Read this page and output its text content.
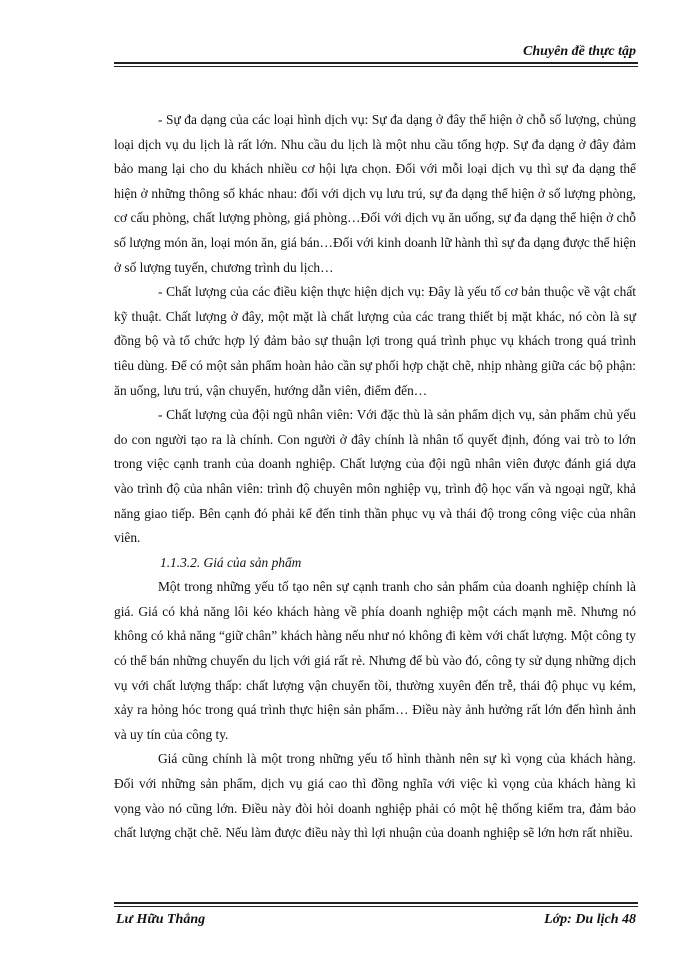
Chuyên đề thực tập

- Sự đa dạng của các loại hình dịch vụ: Sự đa dạng ở đây thể hiện ở chỗ số lượng, chủng loại dịch vụ du lịch là rất lớn. Nhu cầu du lịch là một nhu cầu tổng hợp. Sự đa dạng ở đây đảm bảo mang lại cho du khách nhiều cơ hội lựa chọn. Đối với mỗi loại dịch vụ thì sự đa dạng thể hiện ở những thông số khác nhau: đối với dịch vụ lưu trú, sự đa dạng thể hiện ở số lượng phòng, cơ cấu phòng, chất lượng phòng, giá phòng…Đối với dịch vụ ăn uống, sự đa dạng thể hiện ở chỗ số lượng món ăn, loại món ăn, giá bán…Đối với kinh doanh lữ hành thì sự đa dạng được thể hiện ở số lượng tuyến, chương trình du lịch…

- Chất lượng của các điều kiện thực hiện dịch vụ: Đây là yếu tố cơ bản thuộc về vật chất kỹ thuật. Chất lượng ở đây, một mặt là chất lượng của các trang thiết bị mặt khác, nó còn là sự đồng bộ và tổ chức hợp lý đảm bảo sự thuận lợi trong quá trình phục vụ khách trong quá trình tiêu dùng. Để có một sản phẩm hoàn hảo cần sự phối hợp chặt chẽ, nhịp nhàng giữa các bộ phận: ăn uống, lưu trú, vận chuyển, hướng dẫn viên, điểm đến…

- Chất lượng của đội ngũ nhân viên: Với đặc thù là sản phẩm dịch vụ, sản phẩm chủ yếu do con người tạo ra là chính. Con người ở đây chính là nhân tố quyết định, đóng vai trò to lớn trong việc cạnh tranh của doanh nghiệp. Chất lượng của đội ngũ nhân viên được đánh giá dựa vào trình độ của nhân viên: trình độ chuyên môn nghiệp vụ, trình độ học vấn và ngoại ngữ, khả năng giao tiếp. Bên cạnh đó phải kể đến tinh thần phục vụ và thái độ trong công việc của nhân viên.

1.1.3.2. Giá của sản phẩm

Một trong những yếu tố tạo nên sự cạnh tranh cho sản phẩm của doanh nghiệp chính là giá. Giá có khả năng lôi kéo khách hàng về phía doanh nghiệp một cách mạnh mẽ. Nhưng nó không có khả năng “giữ chân” khách hàng nếu như nó không đi kèm với chất lượng. Một công ty có thể bán những chuyến du lịch với giá rất rẻ. Nhưng để bù vào đó, công ty sử dụng những dịch vụ với chất lượng thấp: chất lượng vận chuyển tồi, thường xuyên đến trễ, thái độ phục vụ kém, xảy ra hỏng hóc trong quá trình thực hiện sản phẩm… Điều này ảnh hưởng rất lớn đến hình ảnh và uy tín của công ty.

Giá cũng chính là một trong những yếu tố hình thành nên sự kì vọng của khách hàng. Đối với những sản phẩm, dịch vụ giá cao thì đồng nghĩa với việc kì vọng của khách hàng kì vọng vào nó cũng lớn. Điều này đòi hỏi doanh nghiệp phải có một hệ thống kiểm tra, đảm bảo chất lượng chặt chẽ. Nếu làm được điều này thì lợi nhuận của doanh nghiệp sẽ lớn hơn rất nhiều.

Lư Hữu Thắng	Lớp: Du lịch 48
